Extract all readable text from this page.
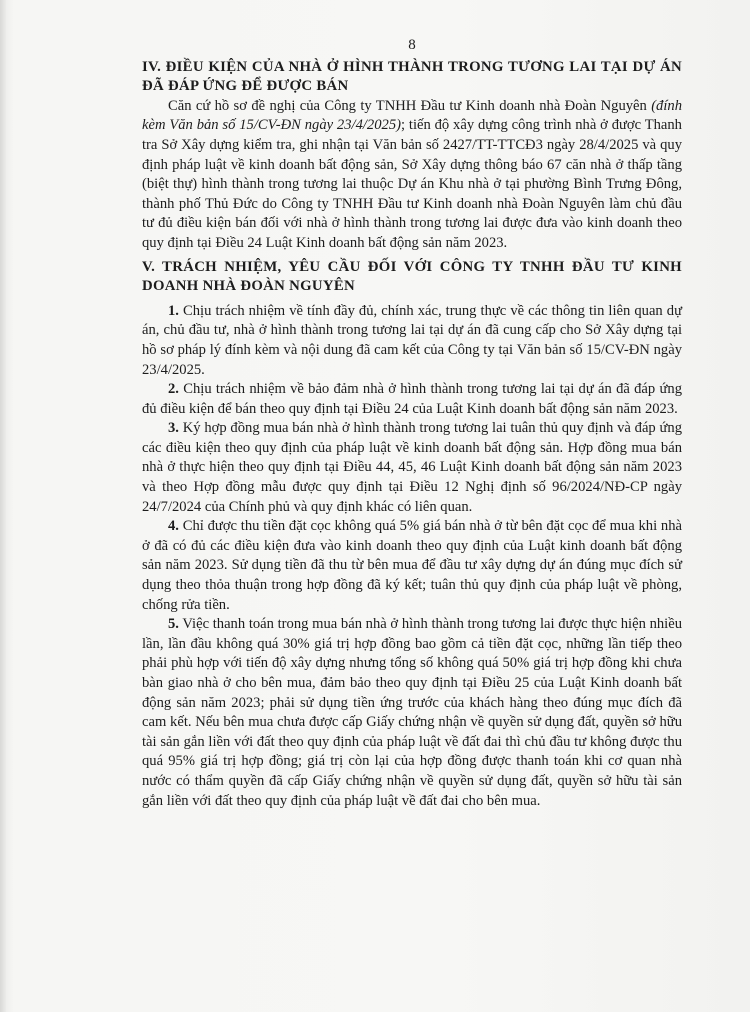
8

IV. ĐIỀU KIỆN CỦA NHÀ Ở HÌNH THÀNH TRONG TƯƠNG LAI TẠI DỰ ÁN ĐÃ ĐÁP ỨNG ĐỂ ĐƯỢC BÁN

Căn cứ hồ sơ đề nghị của Công ty TNHH Đầu tư Kinh doanh nhà Đoàn Nguyên (đính kèm Văn bản số 15/CV-ĐN ngày 23/4/2025); tiến độ xây dựng công trình nhà ở được Thanh tra Sở Xây dựng kiểm tra, ghi nhận tại Văn bản số 2427/TT-TTCĐ3 ngày 28/4/2025 và quy định pháp luật về kinh doanh bất động sản, Sở Xây dựng thông báo 67 căn nhà ở thấp tầng (biệt thự) hình thành trong tương lai thuộc Dự án Khu nhà ở tại phường Bình Trưng Đông, thành phố Thủ Đức do Công ty TNHH Đầu tư Kinh doanh nhà Đoàn Nguyên làm chủ đầu tư đủ điều kiện bán đối với nhà ở hình thành trong tương lai được đưa vào kinh doanh theo quy định tại Điều 24 Luật Kinh doanh bất động sản năm 2023.

V. TRÁCH NHIỆM, YÊU CẦU ĐỐI VỚI CÔNG TY TNHH ĐẦU TƯ KINH DOANH NHÀ ĐOÀN NGUYÊN

1. Chịu trách nhiệm về tính đầy đủ, chính xác, trung thực về các thông tin liên quan dự án, chủ đầu tư, nhà ở hình thành trong tương lai tại dự án đã cung cấp cho Sở Xây dựng tại hồ sơ pháp lý đính kèm và nội dung đã cam kết của Công ty tại Văn bản số 15/CV-ĐN ngày 23/4/2025.

2. Chịu trách nhiệm về bảo đảm nhà ở hình thành trong tương lai tại dự án đã đáp ứng đủ điều kiện để bán theo quy định tại Điều 24 của Luật Kinh doanh bất động sản năm 2023.

3. Ký hợp đồng mua bán nhà ở hình thành trong tương lai tuân thủ quy định và đáp ứng các điều kiện theo quy định của pháp luật về kinh doanh bất động sản. Hợp đồng mua bán nhà ở thực hiện theo quy định tại Điều 44, 45, 46 Luật Kinh doanh bất động sản năm 2023 và theo Hợp đồng mẫu được quy định tại Điều 12 Nghị định số 96/2024/NĐ-CP ngày 24/7/2024 của Chính phủ và quy định khác có liên quan.

4. Chỉ được thu tiền đặt cọc không quá 5% giá bán nhà ở từ bên đặt cọc để mua khi nhà ở đã có đủ các điều kiện đưa vào kinh doanh theo quy định của Luật kinh doanh bất động sản năm 2023. Sử dụng tiền đã thu từ bên mua để đầu tư xây dựng dự án đúng mục đích sử dụng theo thỏa thuận trong hợp đồng đã ký kết; tuân thủ quy định của pháp luật về phòng, chống rửa tiền.

5. Việc thanh toán trong mua bán nhà ở hình thành trong tương lai được thực hiện nhiều lần, lần đầu không quá 30% giá trị hợp đồng bao gồm cả tiền đặt cọc, những lần tiếp theo phải phù hợp với tiến độ xây dựng nhưng tổng số không quá 50% giá trị hợp đồng khi chưa bàn giao nhà ở cho bên mua, đảm bảo theo quy định tại Điều 25 của Luật Kinh doanh bất động sản năm 2023; phải sử dụng tiền ứng trước của khách hàng theo đúng mục đích đã cam kết. Nếu bên mua chưa được cấp Giấy chứng nhận về quyền sử dụng đất, quyền sở hữu tài sản gắn liền với đất theo quy định của pháp luật về đất đai thì chủ đầu tư không được thu quá 95% giá trị hợp đồng; giá trị còn lại của hợp đồng được thanh toán khi cơ quan nhà nước có thẩm quyền đã cấp Giấy chứng nhận về quyền sử dụng đất, quyền sở hữu tài sản gắn liền với đất theo quy định của pháp luật về đất đai cho bên mua.
